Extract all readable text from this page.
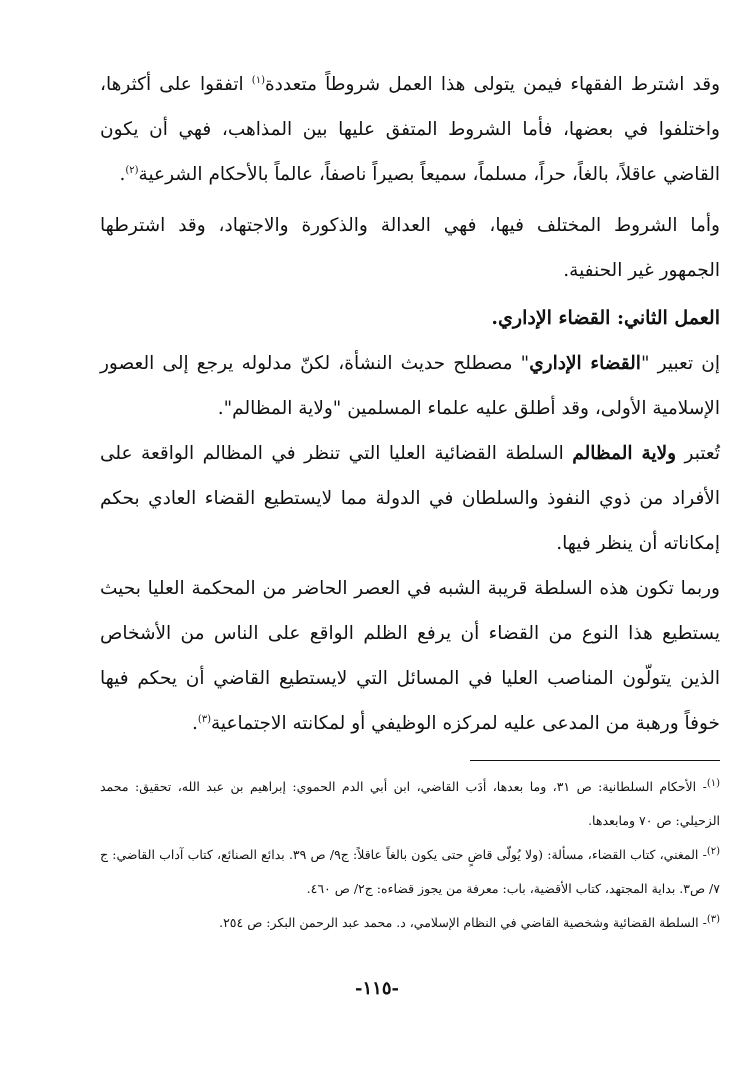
وقد اشترط الفقهاء فيمن يتولى هذا العمل شروطاً متعددة$^{(١)}$ اتفقوا على أكثرها، واختلفوا في بعضها، فأما الشروط المتفق عليها بين المذاهب، فهي أن يكون القاضي عاقلاً، بالغاً، حراً، مسلماً، سميعاً بصيراً ناصفاً، عالماً بالأحكام الشرعية$^{(٢)}$.

وأما الشروط المختلف فيها، فهي العدالة والذكورة والاجتهاد، وقد اشترطها الجمهور غير الحنفية.

العمل الثاني: القضاء الإداري.

إن تعبير "القضاء الإداري" مصطلح حديث النشأة، لكنّ مدلوله يرجع إلى العصور الإسلامية الأولى، وقد أطلق عليه علماء المسلمين "ولاية المظالم".

تُعتبر ولاية المظالم السلطة القضائية العليا التي تنظر في المظالم الواقعة على الأفراد من ذوي النفوذ والسلطان في الدولة مما لايستطيع القضاء العادي بحكم إمكاناته أن ينظر فيها.

وربما تكون هذه السلطة قريبة الشبه في العصر الحاضر من المحكمة العليا بحيث يستطيع هذا النوع من القضاء أن يرفع الظلم الواقع على الناس من الأشخاص الذين يتولّون المناصب العليا في المسائل التي لايستطيع القاضي أن يحكم فيها خوفاً ورهبة من المدعى عليه لمركزه الوظيفي أو لمكانته الاجتماعية$^{(٣)}$.

$^{(١)}$- الأحكام السلطانية: ص ٣١، وما بعدها، أدَب القاضي، ابن أبي الدم الحموي: إبراهيم بن عبد الله، تحقيق: محمد الزحيلي: ص ٧٠ ومابعدها.

$^{(٢)}$- المغني، كتاب القضاء، مسألة: (ولا يُولّى قاضٍ حتى يكون بالغاً عاقلاً: ج٩/ ص ٣٩. بدائع الصنائع، كتاب آداب القاضي: ج ٧/ ص٣. بداية المجتهد، كتاب الأقضية، باب: معرفة من يجوز قضاءه: ج٢/ ص ٤٦٠.

$^{(٣)}$- السلطة القضائية وشخصية القاضي في النظام الإسلامي، د. محمد عبد الرحمن البكر: ص ٢٥٤.

-١١٥-
